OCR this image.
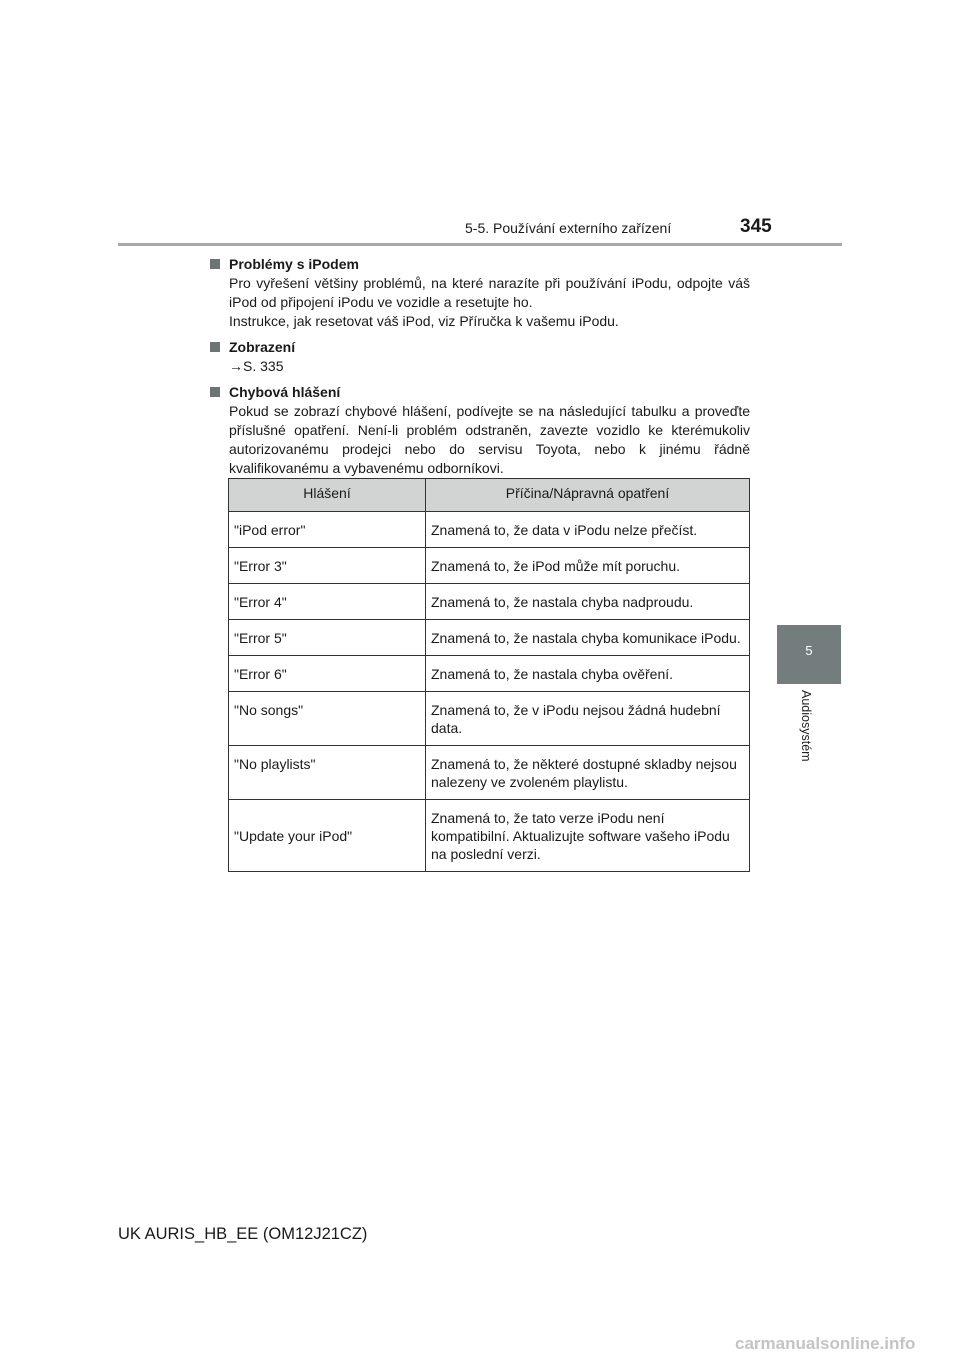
5-5. Používání externího zařízení	345
5
Audiosystém

Problémy s iPodem

Pro vyřešení většiny problémů, na které narazíte při používání iPodu, odpojte váš iPod od připojení iPodu ve vozidle a resetujte ho.

Instrukce, jak resetovat váš iPod, viz Příručka k vašemu iPodu.

Zobrazení

→S. 335

Chybová hlášení

Pokud se zobrazí chybové hlášení, podívejte se na následující tabulku a proveďte příslušné opatření. Není-li problém odstraněn, zavezte vozidlo ke kterémukoliv autorizovanému prodejci nebo do servisu Toyota, nebo k jinému řádně kvalifikovanému a vybavenému odborníkovi.

Hlášení	Příčina/Nápravná opatření
"iPod error"	Znamená to, že data v iPodu nelze přečíst.
"Error 3"	Znamená to, že iPod může mít poruchu.
"Error 4"	Znamená to, že nastala chyba nadproudu.
"Error 5"	Znamená to, že nastala chyba komunikace iPodu.
"Error 6"	Znamená to, že nastala chyba ověření.
"No songs"	Znamená to, že v iPodu nejsou žádná hudební data.
"No playlists"	Znamená to, že některé dostupné skladby nejsou nalezeny ve zvoleném playlistu.
"Update your iPod"	Znamená to, že tato verze iPodu není kompatibilní. Aktualizujte software vašeho iPodu na poslední verzi.
UK AURIS_HB_EE (OM12J21CZ)
carmanualsonline.info
